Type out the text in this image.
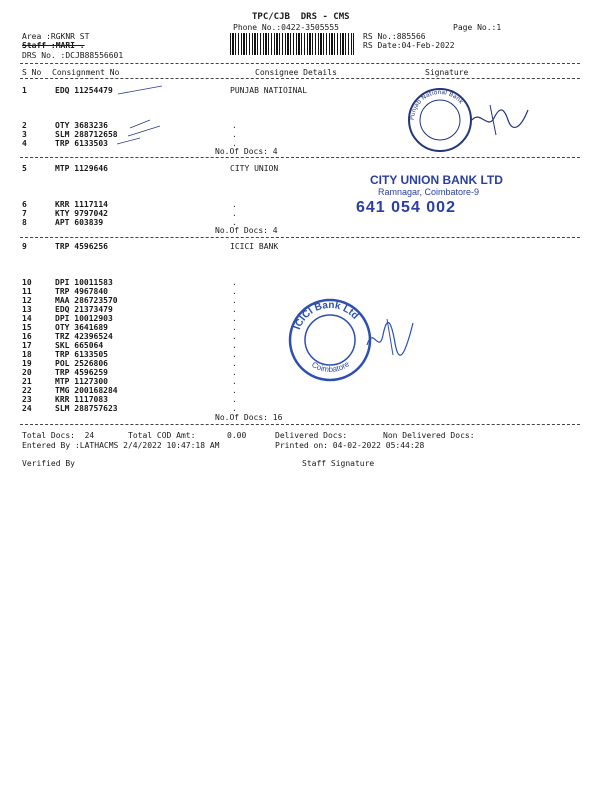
TPC/CJB  DRS - CMS
Phone No.:0422-3505555	Page No.:1
Area :RGKNR ST
Staff :MARI .
DRS No. :DCJB88556601
RS No.:885566
RS Date:04-Feb-2022
S No Consignment No	Consignee Details	Signature
1	EDQ 11254479	PUNJAB NATIOINAL
2	OTY 3683236
3	SLM 288712658
4	TRP 6133503
No.Of Docs: 4
5	MTP 1129646	CITY UNION
6	KRR 1117114
7	KTY 9797042
8	APT 603839
No.Of Docs: 4
9	TRP 4596256	ICICI BANK
10	DPI 10011583
11	TRP 4967840
12	MAA 286723570
13	EDQ 21373479
14	DPI 10012903
15	OTY 3641689
16	TRZ 42396524
17	SKL 665064
18	TRP 6133505
19	POL 2526806
20	TRP 4596259
21	MTP 1127300
22	TMG 200168284
23	KRR 1117083
24	SLM 288757623
No.Of Docs: 16
.
.
.
.
.
.
.
.
.
.
.
.
.
.
.
.
.
.
.
.
.
Total Docs:  24	Total COD Amt:	0.00	Delivered Docs:	Non Delivered Docs:
Entered By :LATHACMS 2/4/2022 10:47:18 AM	Printed on: 04-02-2022 05:44:28
Verified By	Staff Signature
Punjab National Bank
CITY UNION BANK LTD
Ramnagar, Coimbatore-9
641 054 002
ICICI Bank Ltd
Coimbatore
